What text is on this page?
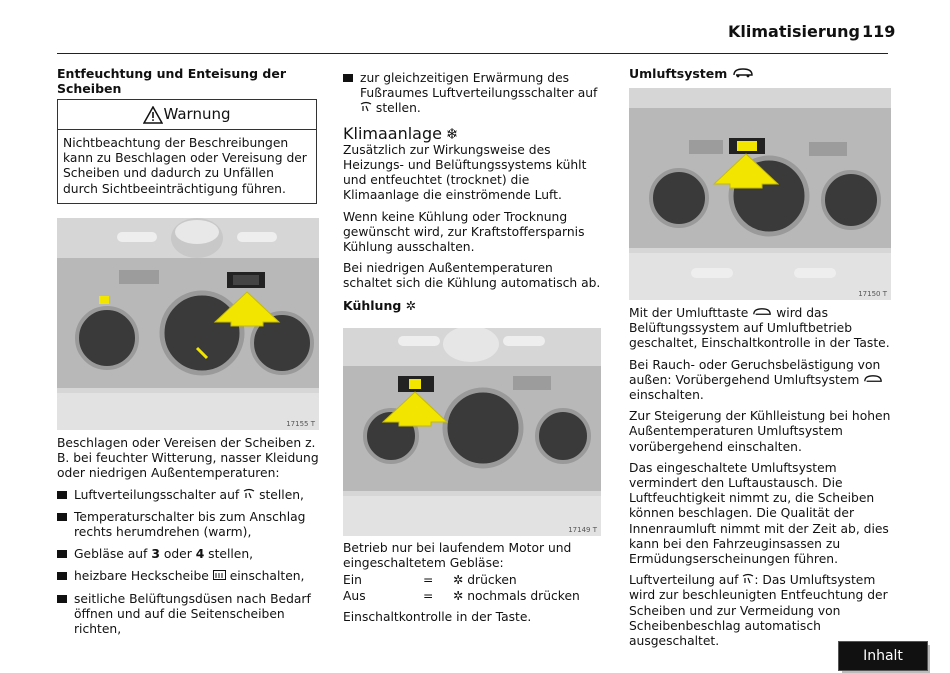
Klimatisierung 119
Entfeuchtung und Enteisung der Scheiben
Warnung
Nichtbeachtung der Beschreibungen kann zu Beschlagen oder Vereisung der Scheiben und dadurch zu Unfällen durch Sichtbeeinträchtigung führen.
17155 T

Beschlagen oder Vereisen der Scheiben z. B. bei feuchter Witterung, nasser Kleidung oder niedrigen Außentemperaturen:

Luftverteilungsschalter auf stellen,
Temperaturschalter bis zum Anschlag rechts herumdrehen (warm),
Gebläse auf 3 oder 4 stellen,
heizbare Heckscheibe einschalten,
seitliche Belüftungsdüsen nach Bedarf öffnen und auf die Seitenscheiben richten,
zur gleichzeitigen Erwärmung des Fußraumes Luftverteilungsschalter auf  stellen.
Klimaanlage ❄

Zusätzlich zur Wirkungsweise des Heizungs- und Belüftungssystems kühlt und entfeuchtet (trocknet) die Klimaanlage die einströmende Luft.

Wenn keine Kühlung oder Trocknung gewünscht wird, zur Kraftstoffersparnis Kühlung ausschalten.

Bei niedrigen Außentemperaturen schaltet sich die Kühlung automatisch ab.

Kühlung ✲
17149 T

Betrieb nur bei laufendem Motor und eingeschaltetem Gebläse:

Ein	=	✲ drücken
Aus	=	✲ nochmals drücken

Einschaltkontrolle in der Taste.

Umluftsystem
17150 T

Mit der Umlufttaste wird das Belüftungssystem auf Umluftbetrieb geschaltet, Einschaltkontrolle in der Taste.

Bei Rauch- oder Geruchsbelästigung von außen: Vorübergehend Umluftsystem  einschalten.

Zur Steigerung der Kühlleistung bei hohen Außentemperaturen Umluftsystem vorübergehend einschalten.

Das eingeschaltete Umluftsystem vermindert den Luftaustausch. Die Luftfeuchtigkeit nimmt zu, die Scheiben können beschlagen. Die Qualität der Innenraumluft nimmt mit der Zeit ab, dies kann bei den Fahrzeuginsassen zu Ermüdungserscheinungen führen.

Luftverteilung auf : Das Umluftsystem wird zur beschleunigten Entfeuchtung der Scheiben und zur Vermeidung von Scheibenbeschlag automatisch ausgeschaltet.

Inhalt
